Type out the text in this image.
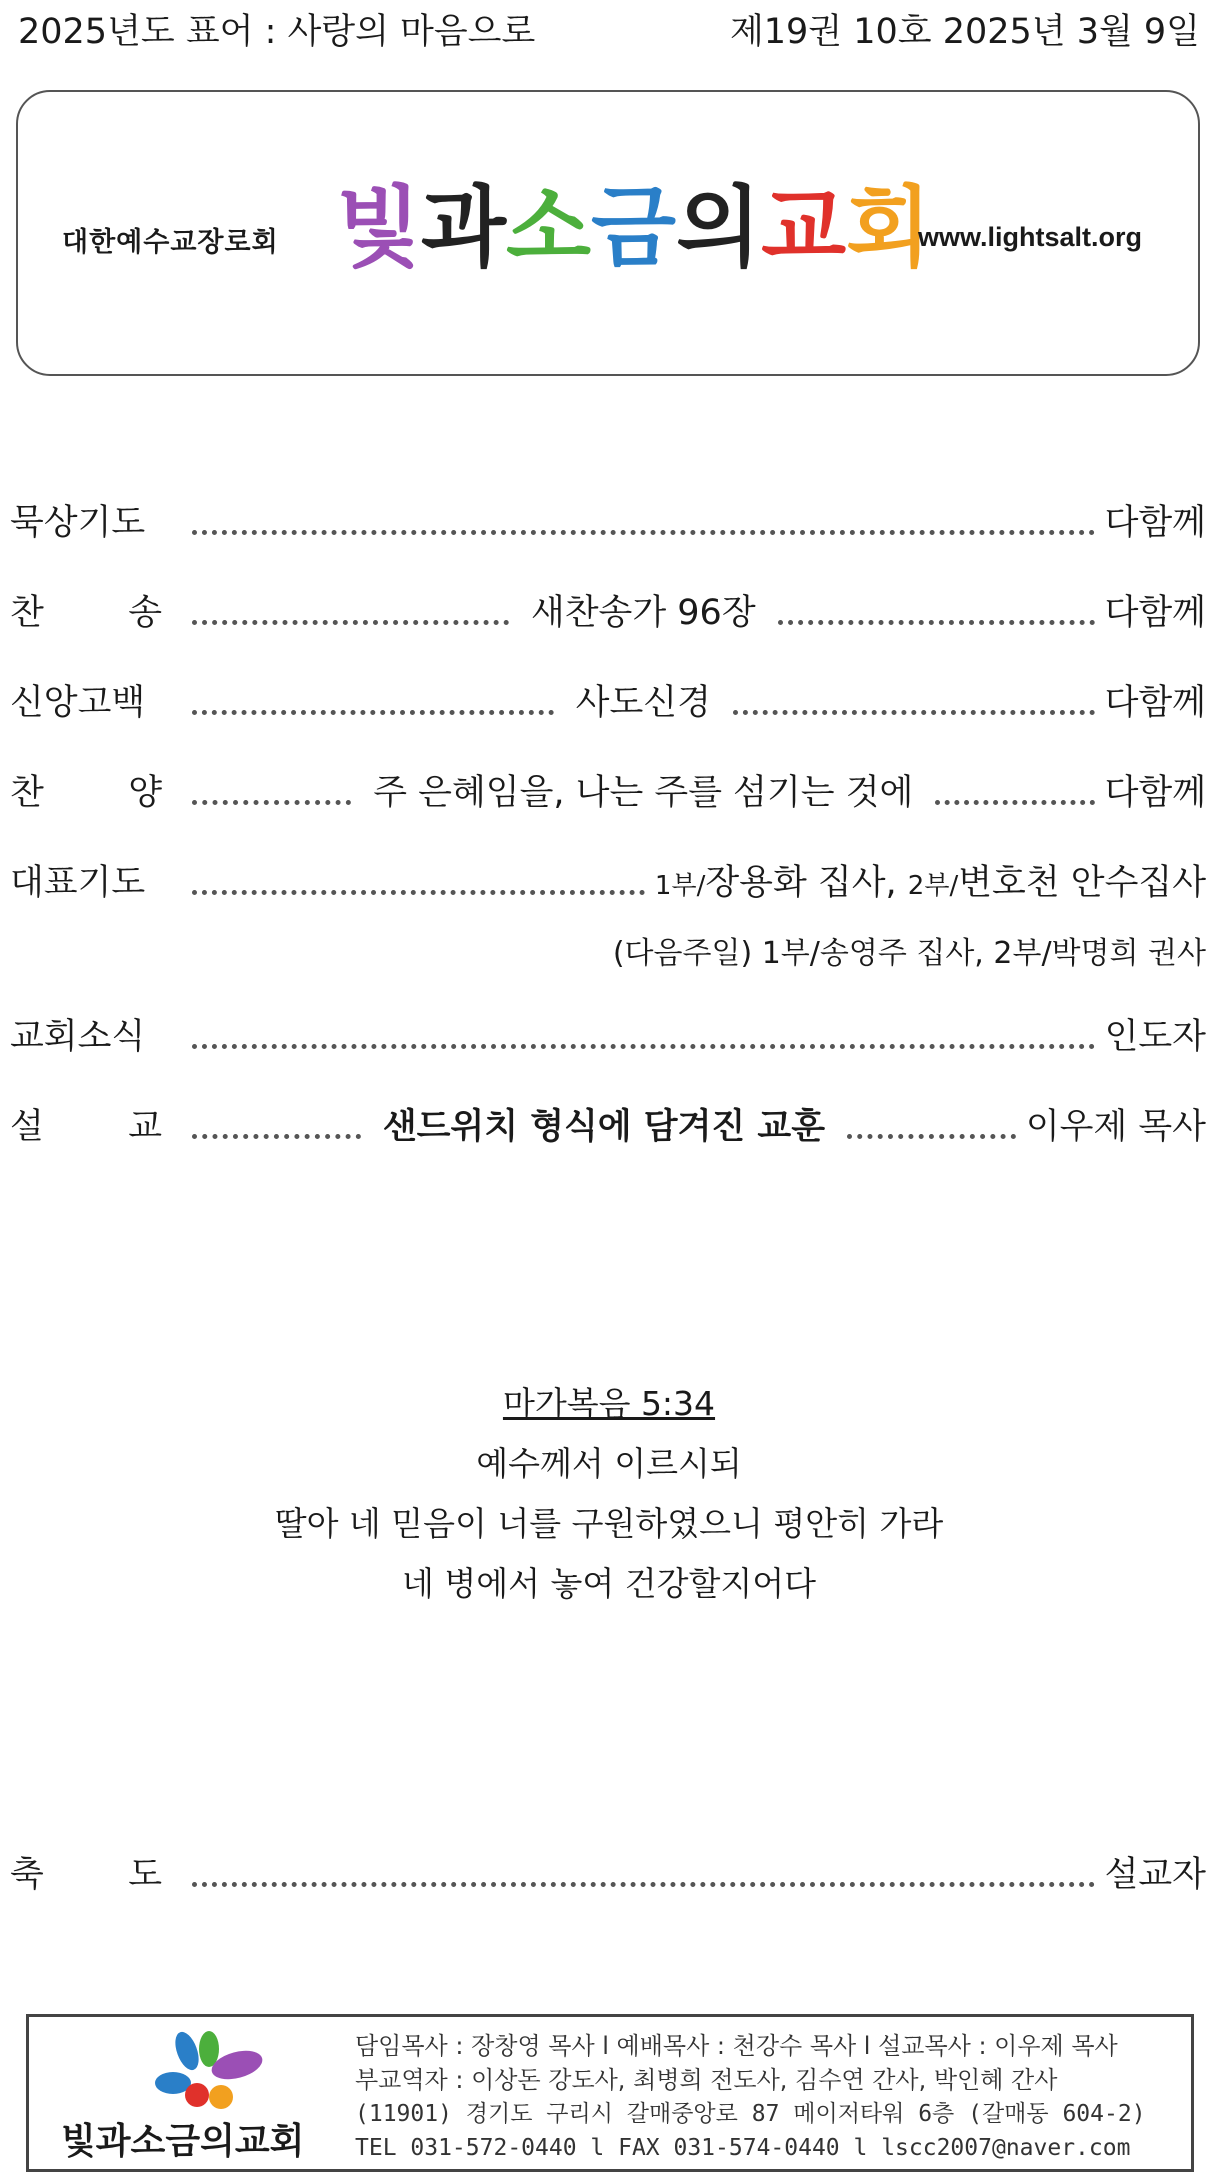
2025년도 표어 : 사랑의 마음으로	제19권 10호 2025년 3월 9일
대한예수교장로회 빛과소금의교회
www.lightsalt.org
묵상기도	다함께
찬 송	새찬송가 96장	다함께
신앙고백	사도신경	다함께
찬 양	주 은혜임을, 나는 주를 섬기는 것에	다함께
대표기도	1부/장용화 집사, 2부/변호천 안수집사
(다음주일) 1부/송영주 집사, 2부/박명희 권사
교회소식	인도자
설 교	샌드위치 형식에 담겨진 교훈	이우제 목사
마가복음 5:34
예수께서 이르시되
딸아 네 믿음이 너를 구원하였으니 평안히 가라
네 병에서 놓여 건강할지어다
축 도	설교자
빛과소금의교회
담임목사 : 장창영 목사 l 예배목사 : 천강수 목사 l 설교목사 : 이우제 목사
부교역자 : 이상돈 강도사, 최병희 전도사, 김수연 간사, 박인혜 간사
(11901) 경기도 구리시 갈매중앙로 87 메이저타워 6층 (갈매동 604-2)
TEL 031-572-0440 l FAX 031-574-0440 l lscc2007@naver.com
